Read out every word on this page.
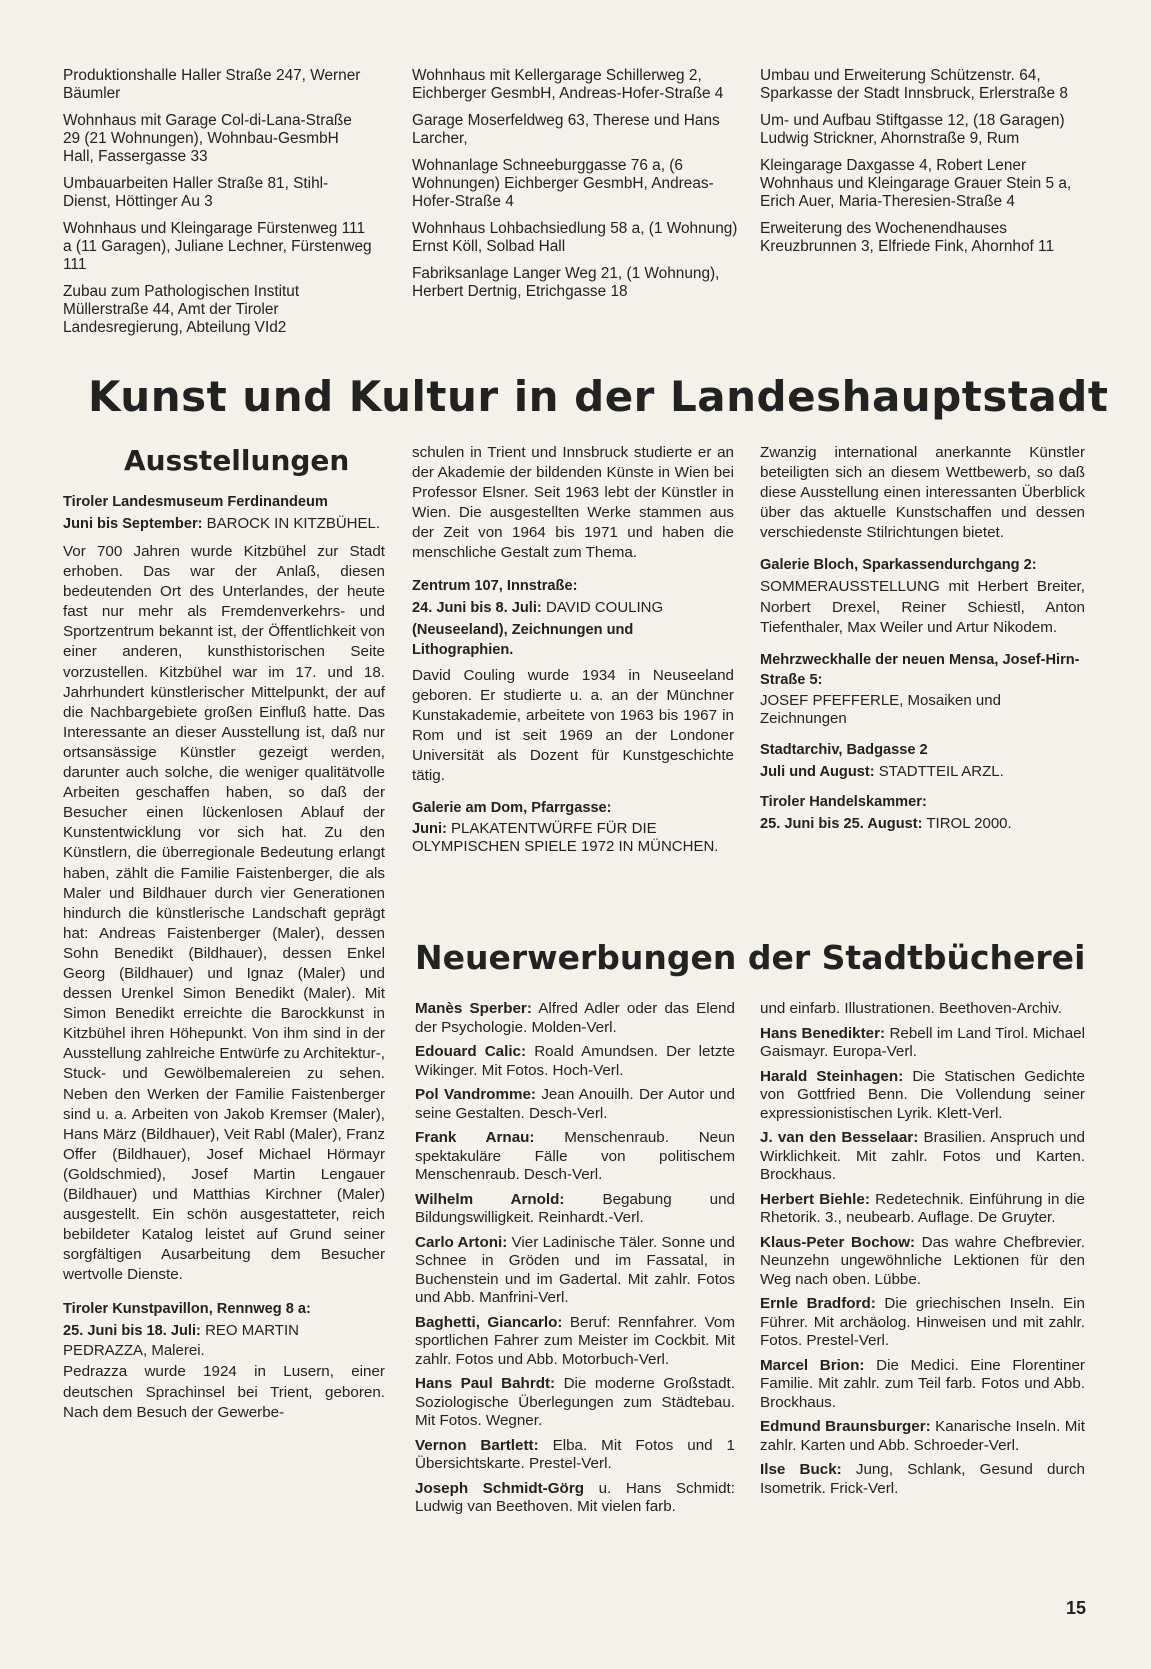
Produktionshalle Haller Straße 247, Werner Bäumler

Wohnhaus mit Garage Col-di-Lana-Straße 29 (21 Wohnungen), Wohnbau-GesmbH Hall, Fassergasse 33

Umbauarbeiten Haller Straße 81, Stihl-Dienst, Höttinger Au 3

Wohnhaus und Kleingarage Fürstenweg 111 a (11 Garagen), Juliane Lechner, Fürstenweg 111

Zubau zum Pathologischen Institut Müllerstraße 44, Amt der Tiroler Landesregierung, Abteilung VId2

Wohnhaus mit Kellergarage Schillerweg 2, Eichberger GesmbH, Andreas-Hofer-Straße 4

Garage Moserfeldweg 63, Therese und Hans Larcher,

Wohnanlage Schneeburggasse 76 a, (6 Wohnungen) Eichberger GesmbH, Andreas-Hofer-Straße 4

Wohnhaus Lohbachsiedlung 58 a, (1 Wohnung) Ernst Köll, Solbad Hall

Fabriksanlage Langer Weg 21, (1 Wohnung), Herbert Dertnig, Etrichgasse 18

Umbau und Erweiterung Schützenstr. 64, Sparkasse der Stadt Innsbruck, Erlerstraße 8

Um- und Aufbau Stiftgasse 12, (18 Garagen) Ludwig Strickner, Ahornstraße 9, Rum

Kleingarage Daxgasse 4, Robert Lener Wohnhaus und Kleingarage Grauer Stein 5 a, Erich Auer, Maria-Theresien-Straße 4

Erweiterung des Wochenendhauses Kreuzbrunnen 3, Elfriede Fink, Ahornhof 11

Kunst und Kultur in der Landeshauptstadt
Ausstellungen

Tiroler Landesmuseum Ferdinandeum

Juni bis September: BAROCK IN KITZBÜHEL.

Vor 700 Jahren wurde Kitzbühel zur Stadt erhoben. Das war der Anlaß, diesen bedeutenden Ort des Unterlandes, der heute fast nur mehr als Fremdenverkehrs- und Sportzentrum bekannt ist, der Öffentlichkeit von einer anderen, kunsthistorischen Seite vorzustellen. Kitzbühel war im 17. und 18. Jahrhundert künstlerischer Mittelpunkt, der auf die Nachbargebiete großen Einfluß hatte. Das Interessante an dieser Ausstellung ist, daß nur ortsansässige Künstler gezeigt werden, darunter auch solche, die weniger qualitätvolle Arbeiten geschaffen haben, so daß der Besucher einen lückenlosen Ablauf der Kunstentwicklung vor sich hat. Zu den Künstlern, die überregionale Bedeutung erlangt haben, zählt die Familie Faistenberger, die als Maler und Bildhauer durch vier Generationen hindurch die künstlerische Landschaft geprägt hat: Andreas Faistenberger (Maler), dessen Sohn Benedikt (Bildhauer), dessen Enkel Georg (Bildhauer) und Ignaz (Maler) und dessen Urenkel Simon Benedikt (Maler). Mit Simon Benedikt erreichte die Barockkunst in Kitzbühel ihren Höhepunkt. Von ihm sind in der Ausstellung zahlreiche Entwürfe zu Architektur-, Stuck- und Gewölbemalereien zu sehen. Neben den Werken der Familie Faistenberger sind u. a. Arbeiten von Jakob Kremser (Maler), Hans März (Bildhauer), Veit Rabl (Maler), Franz Offer (Bildhauer), Josef Michael Hörmayr (Goldschmied), Josef Martin Lengauer (Bildhauer) und Matthias Kirchner (Maler) ausgestellt. Ein schön ausgestatteter, reich bebildeter Katalog leistet auf Grund seiner sorgfältigen Ausarbeitung dem Besucher wertvolle Dienste.

Tiroler Kunstpavillon, Rennweg 8 a:

25. Juni bis 18. Juli: REO MARTIN PEDRAZZA, Malerei.

Pedrazza wurde 1924 in Lusern, einer deutschen Sprachinsel bei Trient, geboren. Nach dem Besuch der Gewerbe-

schulen in Trient und Innsbruck studierte er an der Akademie der bildenden Künste in Wien bei Professor Elsner. Seit 1963 lebt der Künstler in Wien. Die ausgestellten Werke stammen aus der Zeit von 1964 bis 1971 und haben die menschliche Gestalt zum Thema.

Zentrum 107, Innstraße:

24. Juni bis 8. Juli: DAVID COULING

(Neuseeland), Zeichnungen und Lithographien.

David Couling wurde 1934 in Neuseeland geboren. Er studierte u. a. an der Münchner Kunstakademie, arbeitete von 1963 bis 1967 in Rom und ist seit 1969 an der Londoner Universität als Dozent für Kunstgeschichte tätig.

Galerie am Dom, Pfarrgasse:

Juni: PLAKATENTWÜRFE FÜR DIE OLYMPISCHEN SPIELE 1972 IN MÜNCHEN.

Zwanzig international anerkannte Künstler beteiligten sich an diesem Wettbewerb, so daß diese Ausstellung einen interessanten Überblick über das aktuelle Kunstschaffen und dessen verschiedenste Stilrichtungen bietet.

Galerie Bloch, Sparkassendurchgang 2:

SOMMERAUSSTELLUNG mit Herbert Breiter, Norbert Drexel, Reiner Schiestl, Anton Tiefenthaler, Max Weiler und Artur Nikodem.

Mehrzweckhalle der neuen Mensa, Josef-Hirn-Straße 5:

JOSEF PFEFFERLE, Mosaiken und Zeichnungen

Stadtarchiv, Badgasse 2

Juli und August: STADTTEIL ARZL.

Tiroler Handelskammer:

25. Juni bis 25. August: TIROL 2000.

Neuerwerbungen der Stadtbücherei

Manès Sperber: Alfred Adler oder das Elend der Psychologie. Molden-Verl.

Edouard Calic: Roald Amundsen. Der letzte Wikinger. Mit Fotos. Hoch-Verl.

Pol Vandromme: Jean Anouilh. Der Autor und seine Gestalten. Desch-Verl.

Frank Arnau: Menschenraub. Neun spektakuläre Fälle von politischem Menschenraub. Desch-Verl.

Wilhelm Arnold: Begabung und Bildungswilligkeit. Reinhardt.-Verl.

Carlo Artoni: Vier Ladinische Täler. Sonne und Schnee in Gröden und im Fassatal, in Buchenstein und im Gadertal. Mit zahlr. Fotos und Abb. Manfrini-Verl.

Baghetti, Giancarlo: Beruf: Rennfahrer. Vom sportlichen Fahrer zum Meister im Cockbit. Mit zahlr. Fotos und Abb. Motorbuch-Verl.

Hans Paul Bahrdt: Die moderne Großstadt. Soziologische Überlegungen zum Städtebau. Mit Fotos. Wegner.

Vernon Bartlett: Elba. Mit Fotos und 1 Übersichtskarte. Prestel-Verl.

Joseph Schmidt-Görg u. Hans Schmidt: Ludwig van Beethoven. Mit vielen farb.

und einfarb. Illustrationen. Beethoven-Archiv.

Hans Benedikter: Rebell im Land Tirol. Michael Gaismayr. Europa-Verl.

Harald Steinhagen: Die Statischen Gedichte von Gottfried Benn. Die Vollendung seiner expressionistischen Lyrik. Klett-Verl.

J. van den Besselaar: Brasilien. Anspruch und Wirklichkeit. Mit zahlr. Fotos und Karten. Brockhaus.

Herbert Biehle: Redetechnik. Einführung in die Rhetorik. 3., neubearb. Auflage. De Gruyter.

Klaus-Peter Bochow: Das wahre Chefbrevier. Neunzehn ungewöhnliche Lektionen für den Weg nach oben. Lübbe.

Ernle Bradford: Die griechischen Inseln. Ein Führer. Mit archäolog. Hinweisen und mit zahlr. Fotos. Prestel-Verl.

Marcel Brion: Die Medici. Eine Florentiner Familie. Mit zahlr. zum Teil farb. Fotos und Abb. Brockhaus.

Edmund Braunsburger: Kanarische Inseln. Mit zahlr. Karten und Abb. Schroeder-Verl.

Ilse Buck: Jung, Schlank, Gesund durch Isometrik. Frick-Verl.

15
